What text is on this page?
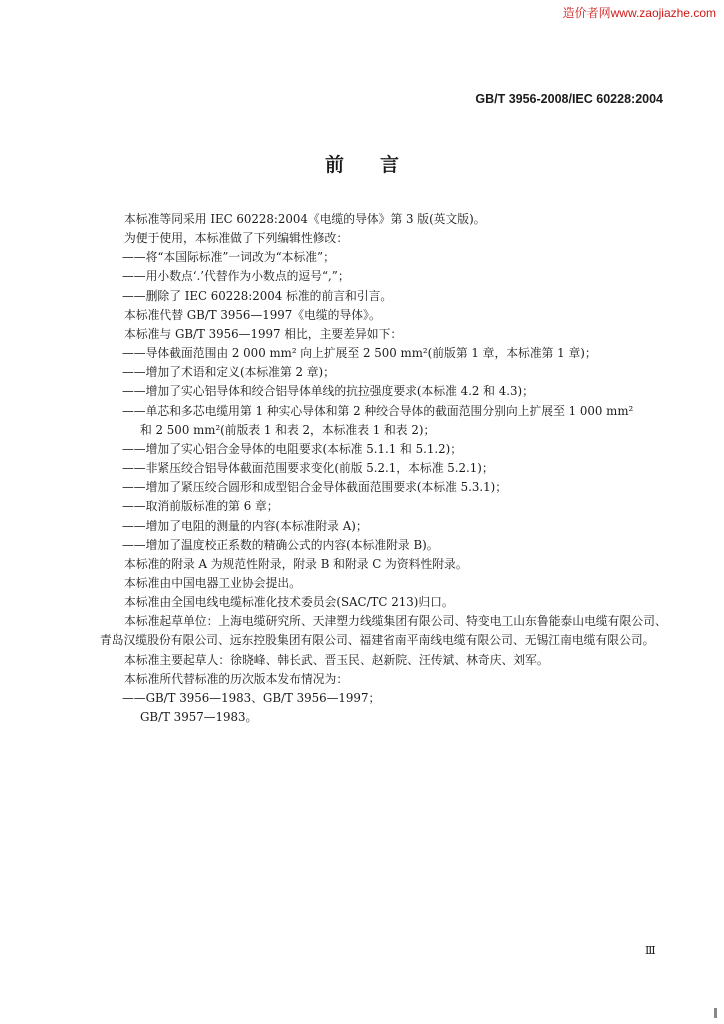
造价者网www.zaojiazhe.com
GB/T 3956-2008/IEC 60228:2004
前言
本标准等同采用 IEC 60228:2004《电缆的导体》第 3 版(英文版)。
为便于使用，本标准做了下列编辑性修改：
——将“本国际标准”一词改为“本标准”；
——用小数点‘.’代替作为小数点的逗号“,”；
——删除了 IEC 60228:2004 标准的前言和引言。
本标准代替 GB/T 3956—1997《电缆的导体》。
本标准与 GB/T 3956—1997 相比，主要差异如下：
——导体截面范围由 2 000 mm² 向上扩展至 2 500 mm²(前版第 1 章，本标准第 1 章)；
——增加了术语和定义(本标准第 2 章)；
——增加了实心铝导体和绞合铝导体单线的抗拉强度要求(本标准 4.2 和 4.3)；
——单芯和多芯电缆用第 1 种实心导体和第 2 种绞合导体的截面范围分别向上扩展至 1 000 mm²
和 2 500 mm²(前版表 1 和表 2，本标准表 1 和表 2)；
——增加了实心铝合金导体的电阻要求(本标准 5.1.1 和 5.1.2)；
——非紧压绞合铝导体截面范围要求变化(前版 5.2.1，本标准 5.2.1)；
——增加了紧压绞合圆形和成型铝合金导体截面范围要求(本标准 5.3.1)；
——取消前版标准的第 6 章；
——增加了电阻的测量的内容(本标准附录 A)；
——增加了温度校正系数的精确公式的内容(本标准附录 B)。
本标准的附录 A 为规范性附录，附录 B 和附录 C 为资料性附录。
本标准由中国电器工业协会提出。
本标准由全国电线电缆标准化技术委员会(SAC/TC 213)归口。
本标准起草单位：上海电缆研究所、天津塑力线缆集团有限公司、特变电工山东鲁能泰山电缆有限公司、青岛汉缆股份有限公司、远东控股集团有限公司、福建省南平南线电缆有限公司、无锡江南电缆有限公司。
本标准主要起草人：徐晓峰、韩长武、晋玉民、赵新院、汪传斌、林奇庆、刘军。
本标准所代替标准的历次版本发布情况为：
——GB/T 3956—1983、GB/T 3956—1997；
GB/T 3957—1983。
Ⅲ
